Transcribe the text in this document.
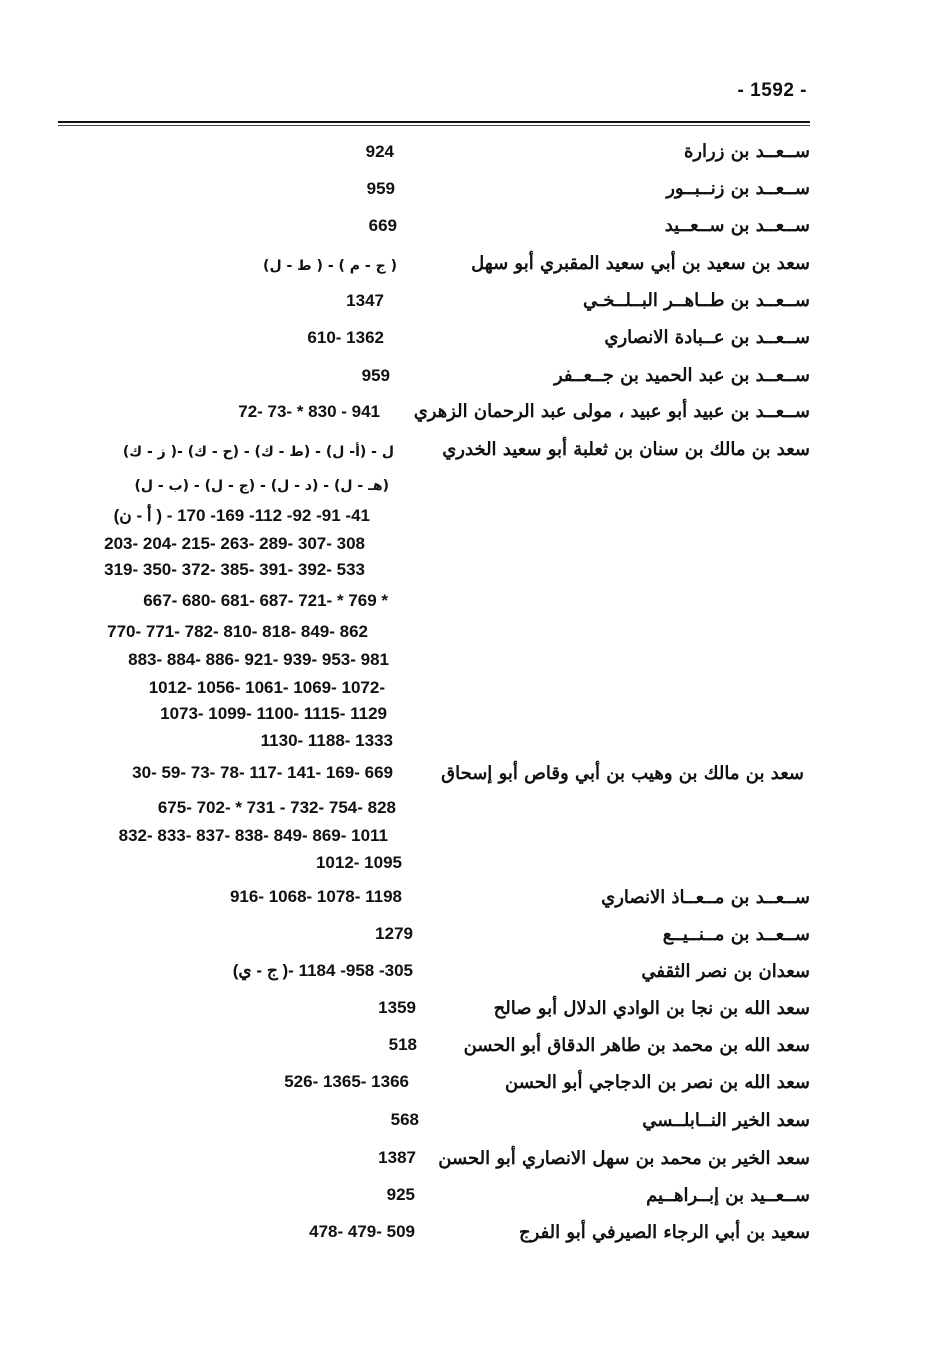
- 1592 -
ســعــد بن زرارة
924
ســعــد بن زنــبــور
959
ســعــد بن ســعــيد
669
سعد بن سعيد بن أبي سعيد المقبري أبو سهل
(ط - ل ) - ( ج - م )
ســعــد بن طــاهــر البــلــخـي
1347
ســعــد بن عــبادة الانصاري
610- 1362
ســعــد بن عبد الحميد بن جــعــفر
959
ســعــد بن عبيد أبو عبيد ، مولى عبد الرحمان الزهري
72- 73- * 830 - 941
سعد بن مالك بن سنان بن ثعلبة أبو سعيد الخدري
(ز - ك )- (ح - ك) - (ط - ك) - ل - (أ- ل)
(ب - ل) - (ج - ل) - (د - ل) - (هـ - ل)
(أ - ن ) - 41- 91- 92- 112- 169- 170
203- 204- 215- 263- 289- 307- 308
319- 350- 372- 385- 391- 392- 533
667- 680- 681- 687- 721- * 769 *
770- 771- 782- 810- 818- 849- 862
883- 884- 886- 921- 939- 953- 981
1012- 1056- 1061- 1069- 1072-
1073- 1099- 1100- 1115- 1129
1130- 1188- 1333
سعد بن مالك بن وهيب بن أبي وقاص أبو إسحاق
30- 59- 73- 78- 117- 141- 169- 669
675- 702- * 731 - 732- 754- 828
832- 833- 837- 838- 849- 869- 1011
1012- 1095
ســعــد بن مــعــاذ الانصاري
916- 1068- 1078- 1198
ســعــد بن مــنــيــع
1279
سعدان بن نصر الثقفي
(ج - ي )- 305- 958- 1184
سعد الله بن نجا بن الوادي الدلال أبو صالح
1359
سعد الله بن محمد بن طاهر الدقاق أبو الحسن
518
سعد الله بن نصر بن الدجاجي أبو الحسن
526- 1365- 1366
سعد الخير النــابلــسي
568
سعد الخير بن محمد بن سهل الانصاري أبو الحسن
1387
ســعــيد بن إبــراهــيم
925
سعيد بن أبي الرجاء الصيرفي أبو الفرج
478- 479- 509
